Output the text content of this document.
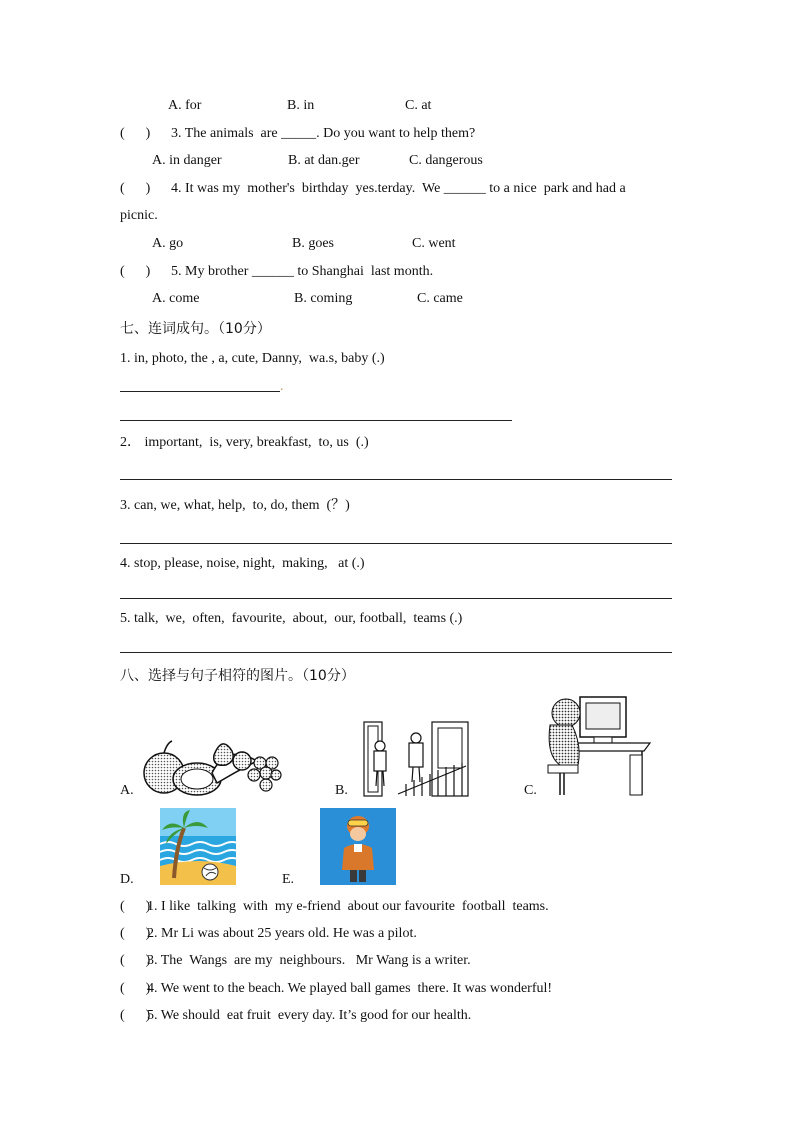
A. for	B. in	C. at
(      ) 3. The animals  are _____. Do you want to help them?
A. in danger	B. at dan.ger	C. dangerous
(      ) 4. It was my  mother's  birthday  yes.terday.  We ______ to a nice  park and had a
picnic.
A. go	B. goes	C. went
(      ) 5. My brother ______ to Shanghai  last month.
A. come	B. coming	C. came
七、连词成句。（10分）
1. in, photo, the , a, cute, Danny,  wa.s, baby (.)
.
2． important,  is, very, breakfast,  to, us  (.)
3. can, we, what, help,  to, do, them  (？)
4. stop, please, noise, night,  making,   at (.)
5. talk,  we,  often,  favourite,  about,  our, football,  teams (.)
八、选择与句子相符的图片。（10分）
A.	B.	C.
D.	E.
(      )
1. I like  talking  with  my e-friend  about our favourite  football  teams.
(      )
2. Mr Li was about 25 years old. He was a pilot.
(      )
3. The  Wangs  are my  neighbours.   Mr Wang is a writer.
(      )
4. We went to the beach. We played ball games  there. It was wonderful!
(      )
5. We should  eat fruit  every day. It’s good for our health.
